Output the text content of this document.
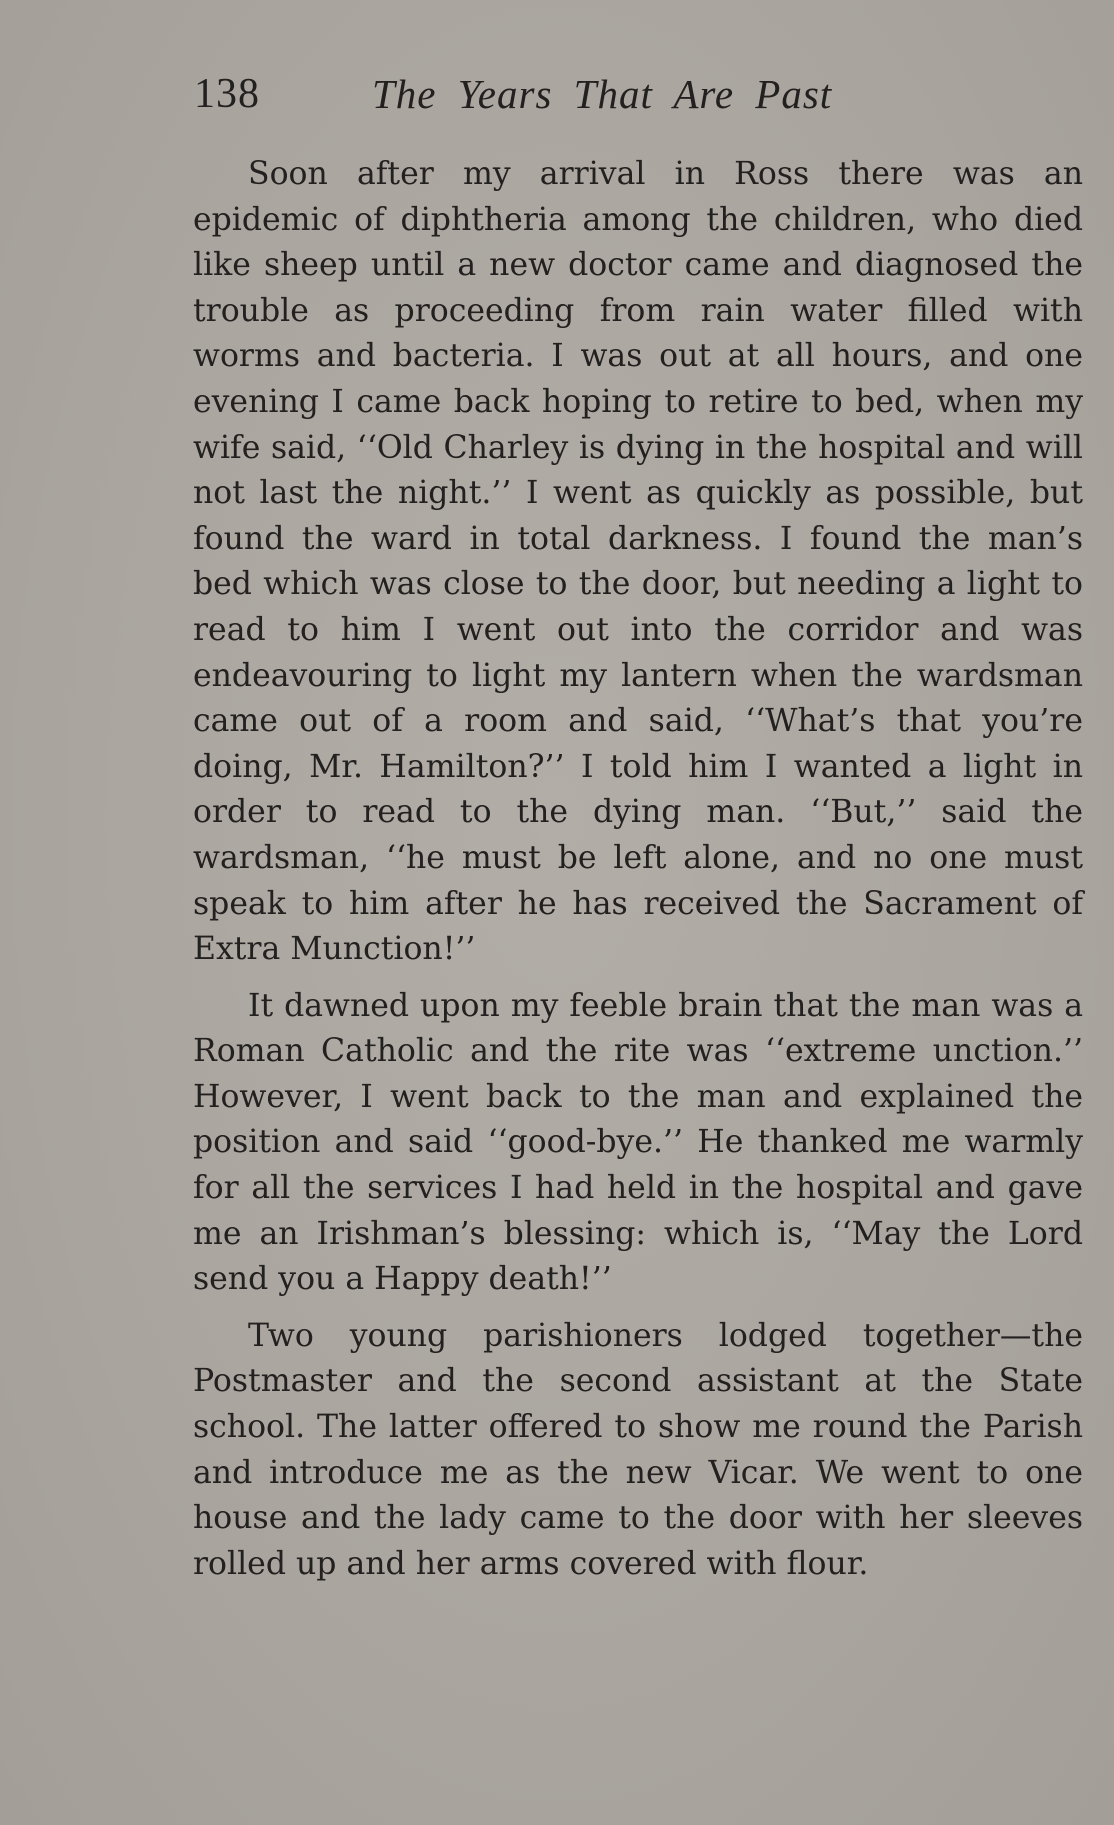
138	The Years That Are Past

Soon after my arrival in Ross there was an epidemic of diphtheria among the children, who died like sheep until a new doctor came and diagnosed the trouble as proceeding from rain water filled with worms and bacteria. I was out at all hours, and one evening I came back hoping to retire to bed, when my wife said, ‘‘Old Charley is dying in the hospital and will not last the night.’’ I went as quickly as possible, but found the ward in total darkness. I found the man’s bed which was close to the door, but needing a light to read to him I went out into the corridor and was endeavouring to light my lantern when the wardsman came out of a room and said, ‘‘What’s that you’re doing, Mr. Hamilton?’’ I told him I wanted a light in order to read to the dying man. ‘‘But,’’ said the wardsman, ‘‘he must be left alone, and no one must speak to him after he has received the Sacrament of Extra Munction!’’

It dawned upon my feeble brain that the man was a Roman Catholic and the rite was ‘‘extreme unction.’’ However, I went back to the man and explained the position and said ‘‘good-bye.’’ He thanked me warmly for all the services I had held in the hospital and gave me an Irishman’s blessing: which is, ‘‘May the Lord send you a Happy death!’’

Two young parishioners lodged together—the Postmaster and the second assistant at the State school. The latter offered to show me round the Parish and introduce me as the new Vicar. We went to one house and the lady came to the door with her sleeves rolled up and her arms covered with flour.
